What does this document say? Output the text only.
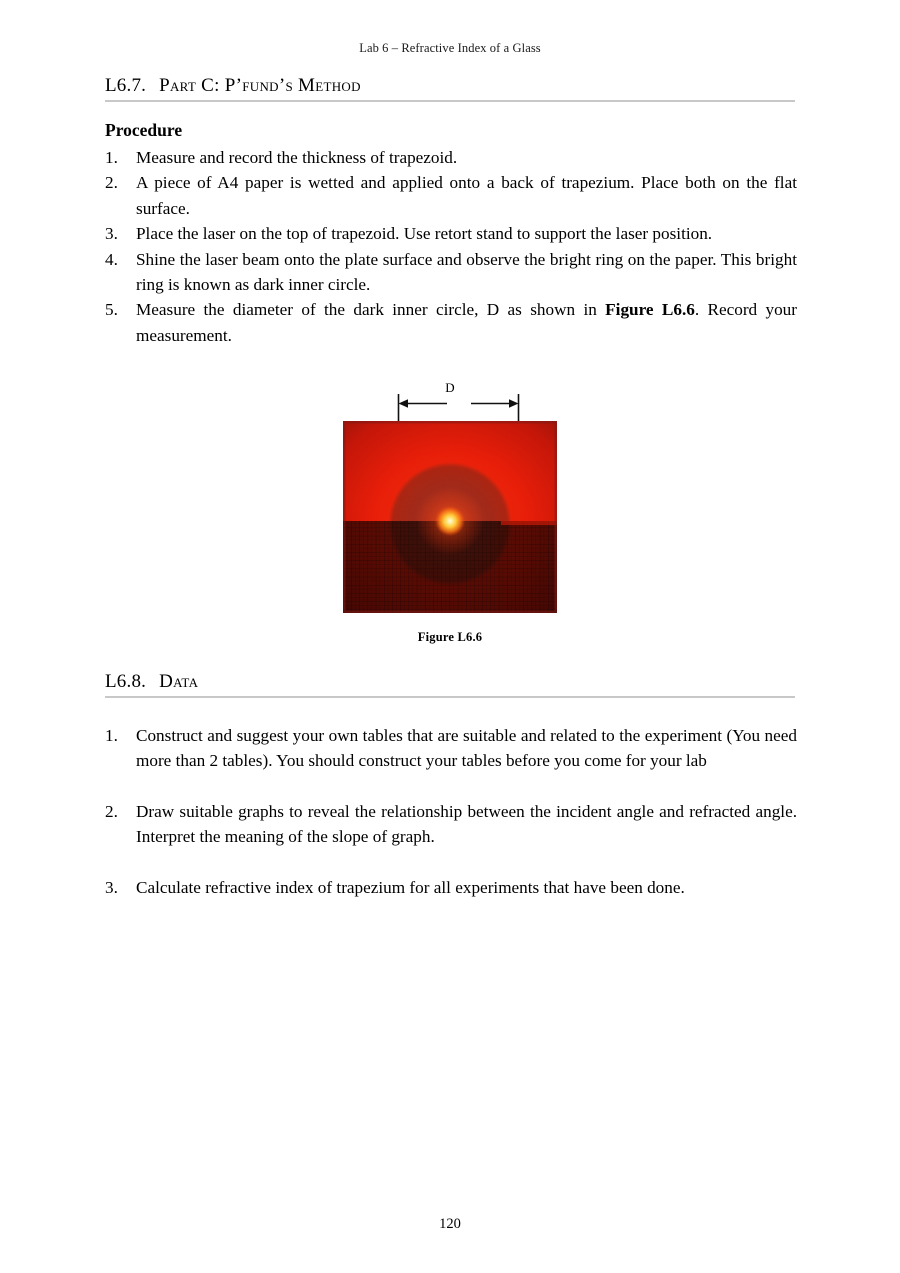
Lab 6 – Refractive Index of a Glass
L6.7. Part C: P’fund’s Method
Procedure
1.	Measure and record the thickness of trapezoid.
2.	A piece of A4 paper is wetted and applied onto a back of trapezium. Place both on the flat surface.
3.	Place the laser on the top of trapezoid. Use retort stand to support the laser position.
4.	Shine the laser beam onto the plate surface and observe the bright ring on the paper. This bright ring is known as dark inner circle.
5.	Measure the diameter of the dark inner circle, D as shown in Figure L6.6. Record your measurement.
D
Figure L6.6
L6.8. Data
1.	Construct and suggest your own tables that are suitable and related to the experiment (You need more than 2 tables). You should construct your tables before you come for your lab
2.	Draw suitable graphs to reveal the relationship between the incident angle and refracted angle. Interpret the meaning of the slope of graph.
3.	Calculate refractive index of trapezium for all experiments that have been done.
120
